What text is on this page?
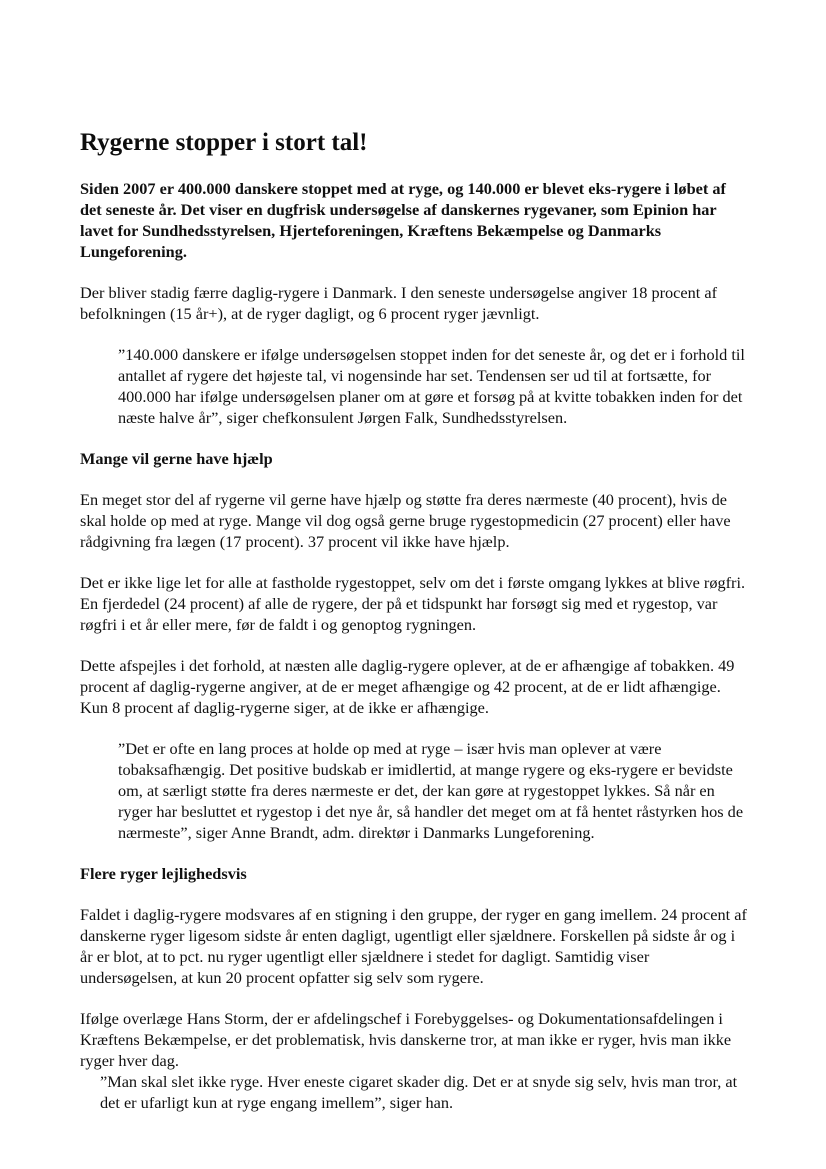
Rygerne stopper i stort tal!

Siden 2007 er 400.000 danskere stoppet med at ryge, og 140.000 er blevet eks-rygere i løbet af det seneste år. Det viser en dugfrisk undersøgelse af danskernes rygevaner, som Epinion har lavet for Sundhedsstyrelsen, Hjerteforeningen, Kræftens Bekæmpelse og Danmarks Lungeforening.

Der bliver stadig færre daglig-rygere i Danmark. I den seneste undersøgelse angiver 18 procent af befolkningen (15 år+), at de ryger dagligt, og 6 procent ryger jævnligt.

”140.000 danskere er ifølge undersøgelsen stoppet inden for det seneste år, og det er i forhold til antallet af rygere det højeste tal, vi nogensinde har set. Tendensen ser ud til at fortsætte, for 400.000 har ifølge undersøgelsen planer om at gøre et forsøg på at kvitte tobakken inden for det næste halve år”, siger chefkonsulent Jørgen Falk, Sundhedsstyrelsen.

Mange vil gerne have hjælp

En meget stor del af rygerne vil gerne have hjælp og støtte fra deres nærmeste (40 procent), hvis de skal holde op med at ryge. Mange vil dog også gerne bruge rygestopmedicin (27 procent) eller have rådgivning fra lægen (17 procent). 37 procent vil ikke have hjælp.

Det er ikke lige let for alle at fastholde rygestoppet, selv om det i første omgang lykkes at blive røgfri. En fjerdedel (24 procent) af alle de rygere, der på et tidspunkt har forsøgt sig med et rygestop, var røgfri i et år eller mere, før de faldt i og genoptog rygningen.

Dette afspejles i det forhold, at næsten alle daglig-rygere oplever, at de er afhængige af tobakken. 49 procent af daglig-rygerne angiver, at de er meget afhængige og 42 procent, at de er lidt afhængige. Kun 8 procent af daglig-rygerne siger, at de ikke er afhængige.

”Det er ofte en lang proces at holde op med at ryge – især hvis man oplever at være tobaksafhængig. Det positive budskab er imidlertid, at mange rygere og eks-rygere er bevidste om, at særligt støtte fra deres nærmeste er det, der kan gøre at rygestoppet lykkes. Så når en ryger har besluttet et rygestop i det nye år, så handler det meget om at få hentet råstyrken hos de nærmeste”, siger Anne Brandt, adm. direktør i Danmarks Lungeforening.

Flere ryger lejlighedsvis

Faldet i daglig-rygere modsvares af en stigning i den gruppe, der ryger en gang imellem. 24 procent af danskerne ryger ligesom sidste år enten dagligt, ugentligt eller sjældnere. Forskellen på sidste år og i år er blot, at to pct. nu ryger ugentligt eller sjældnere i stedet for dagligt. Samtidig viser undersøgelsen, at kun 20 procent opfatter sig selv som rygere.

Ifølge overlæge Hans Storm, der er afdelingschef i Forebyggelses- og Dokumentationsafdelingen i Kræftens Bekæmpelse, er det problematisk, hvis danskerne tror, at man ikke er ryger, hvis man ikke ryger hver dag.

”Man skal slet ikke ryge. Hver eneste cigaret skader dig. Det er at snyde sig selv, hvis man tror, at det er ufarligt kun at ryge engang imellem”, siger han.
